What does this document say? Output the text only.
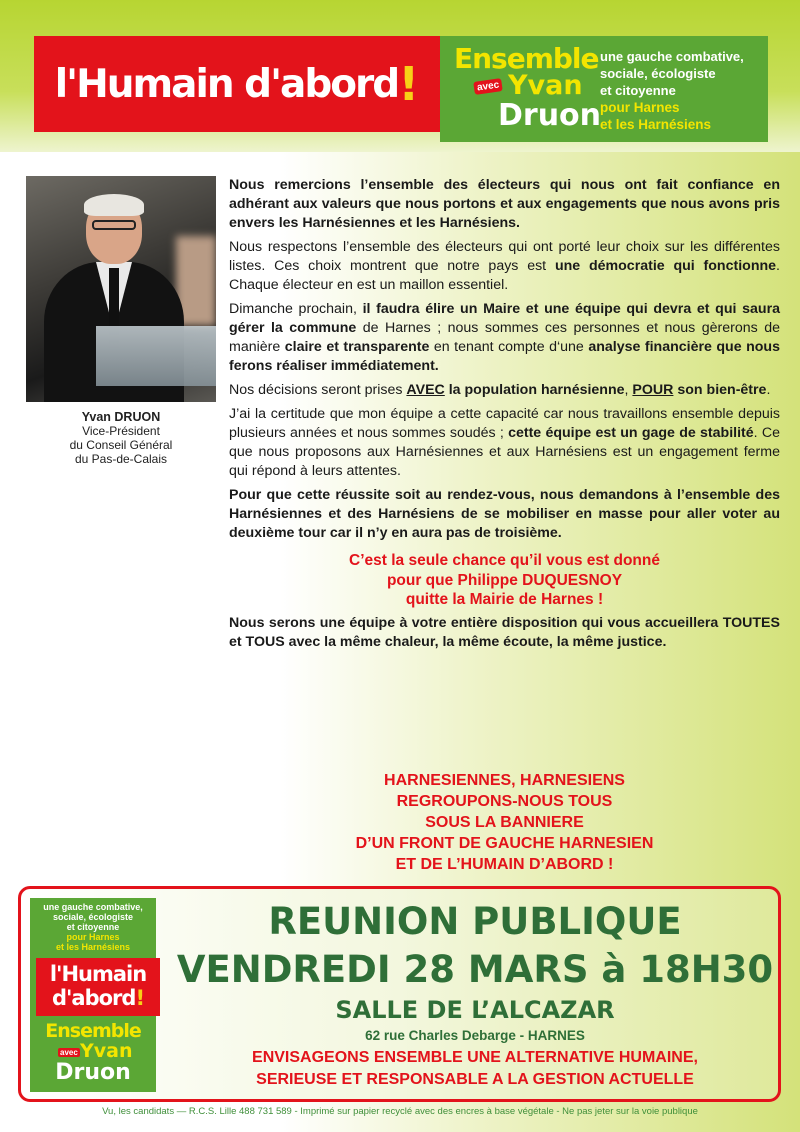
l'Humain d'abord ! Ensemble
avec Yvan
Druon
une gauche combative,
sociale, écologiste
et citoyenne
pour Harnes
et les Harnésiens
Yvan DRUON
Vice-Président
du Conseil Général
du Pas-de-Calais

Nous remercions l’ensemble des électeurs qui nous ont fait confiance en adhérant aux valeurs que nous portons et aux engagements que nous avons pris envers les Harnésiennes et les Harnésiens.

Nous respectons l’ensemble des électeurs qui ont porté leur choix sur les différentes listes. Ces choix montrent que notre pays est une démocratie qui fonctionne. Chaque électeur en est un maillon essentiel.

Dimanche prochain, il faudra élire un Maire et une équipe qui devra et qui saura gérer la commune de Harnes ; nous sommes ces personnes et nous gèrerons de manière claire et transparente en tenant compte d‘une analyse financière que nous ferons réaliser immédiatement.

Nos décisions seront prises AVEC la population harnésienne, POUR son bien-être.

J’ai la certitude que mon équipe a cette capacité car nous travaillons ensemble depuis plusieurs années et nous sommes soudés ; cette équipe est un gage de stabilité. Ce que nous proposons aux Harnésiennes et aux Harnésiens est un engagement ferme qui répond à leurs attentes.

Pour que cette réussite soit au rendez-vous, nous demandons à l’ensemble des Harnésiennes et des Harnésiens de se mobiliser en masse pour aller voter au deuxième tour car il n’y en aura pas de troisième.

C’est la seule chance qu’il vous est donné
pour que Philippe DUQUESNOY
quitte la Mairie de Harnes !

Nous serons une équipe à votre entière disposition qui vous accueillera TOUTES et TOUS avec la même chaleur, la même écoute, la même justice.

HARNESIENNES, HARNESIENS
REGROUPONS-NOUS TOUS
SOUS LA BANNIERE
D’UN FRONT DE GAUCHE HARNESIEN
ET DE L’HUMAIN D’ABORD !
une gauche combative,
sociale, écologiste
et citoyenne
pour Harnes
et les Harnésiens
l'Humain
d'abord!
Ensemble
avec Yvan
Druon
REUNION PUBLIQUE
VENDREDI 28 MARS à 18H30
SALLE DE L’ALCAZAR
62 rue Charles Debarge - HARNES
ENVISAGEONS ENSEMBLE UNE ALTERNATIVE HUMAINE,
SERIEUSE ET RESPONSABLE A LA GESTION ACTUELLE
Vu, les candidats — R.C.S. Lille 488 731 589 - Imprimé sur papier recyclé avec des encres à base végétale - Ne pas jeter sur la voie publique
